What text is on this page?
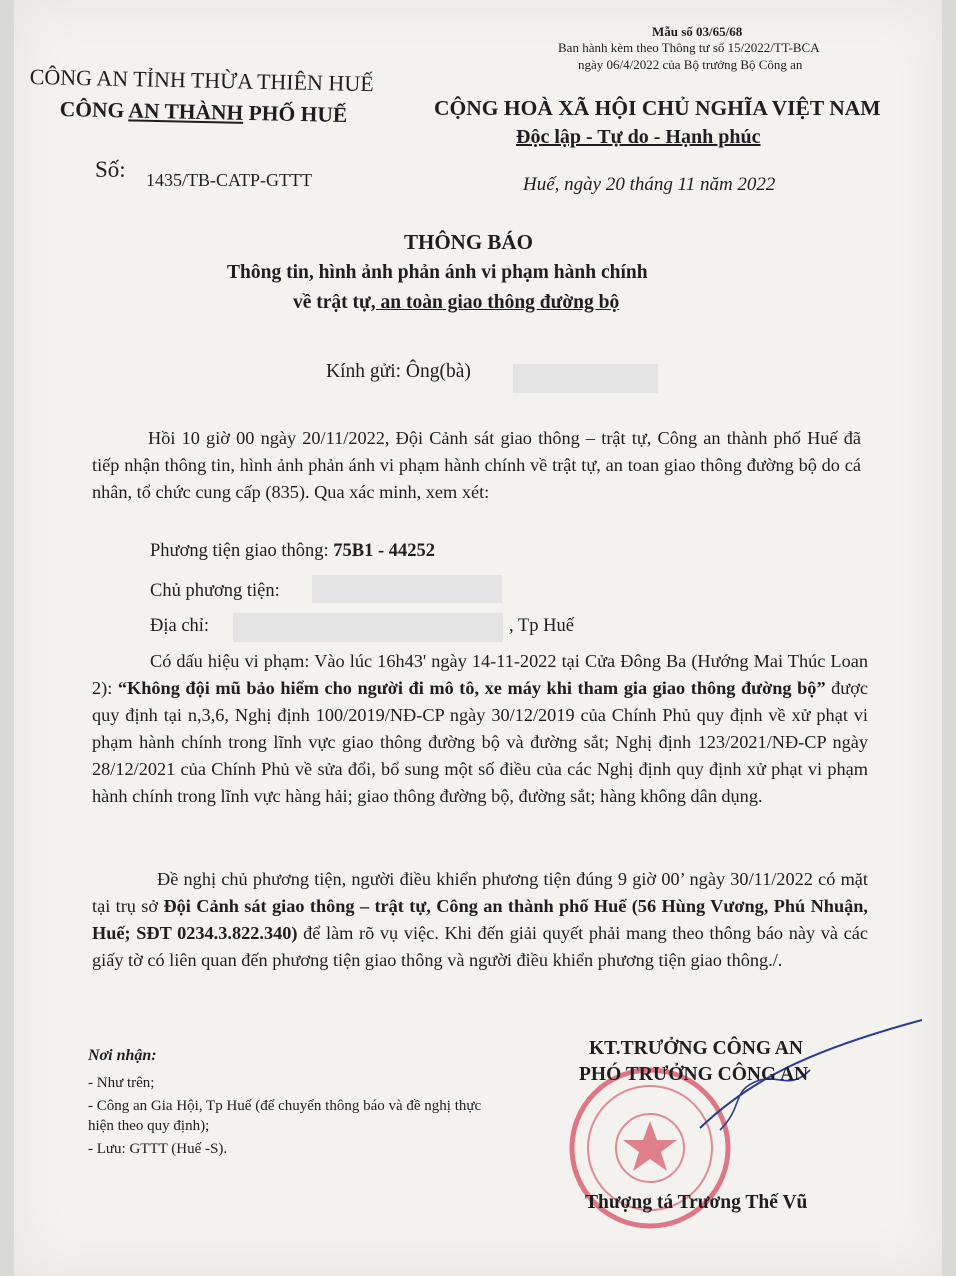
Mẫu số 03/65/68
Ban hành kèm theo Thông tư số 15/2022/TT-BCA
ngày 06/4/2022 của Bộ trưởng Bộ Công an
CÔNG AN TỈNH THỪA THIÊN HUẾ
CÔNG AN THÀNH PHỐ HUẾ
Số: 1435/TB-CATP-GTTT
CỘNG HOÀ XÃ HỘI CHỦ NGHĨA VIỆT NAM
Độc lập - Tự do - Hạnh phúc
Huế, ngày 20 tháng 11 năm 2022
THÔNG BÁO
Thông tin, hình ảnh phản ánh vi phạm hành chính
về trật tự, an toàn giao thông đường bộ
Kính gửi: Ông(bà)

Hồi 10 giờ 00 ngày 20/11/2022, Đội Cảnh sát giao thông – trật tự, Công an thành phố Huế đã tiếp nhận thông tin, hình ảnh phản ánh vi phạm hành chính về trật tự, an toan giao thông đường bộ do cá nhân, tổ chức cung cấp (835). Qua xác minh, xem xét:

Phương tiện giao thông: 75B1 - 44252
Chủ phương tiện:
Địa chỉ:	, Tp Huế

Có dấu hiệu vi phạm: Vào lúc 16h43' ngày 14-11-2022 tại Cửa Đông Ba (Hướng Mai Thúc Loan 2): “Không đội mũ bảo hiểm cho người đi mô tô, xe máy khi tham gia giao thông đường bộ” được quy định tại n,3,6, Nghị định 100/2019/NĐ-CP ngày 30/12/2019 của Chính Phủ quy định về xử phạt vi phạm hành chính trong lĩnh vực giao thông đường bộ và đường sắt; Nghị định 123/2021/NĐ-CP ngày 28/12/2021 của Chính Phủ về sửa đổi, bổ sung một số điều của các Nghị định quy định xử phạt vi phạm hành chính trong lĩnh vực hàng hải; giao thông đường bộ, đường sắt; hàng không dân dụng.

Đề nghị chủ phương tiện, người điều khiển phương tiện đúng 9 giờ 00’ ngày 30/11/2022 có mặt tại trụ sở Đội Cảnh sát giao thông – trật tự, Công an thành phố Huế (56 Hùng Vương, Phú Nhuận, Huế; SĐT 0234.3.822.340) để làm rõ vụ việc. Khi đến giải quyết phải mang theo thông báo này và các giấy tờ có liên quan đến phương tiện giao thông và người điều khiển phương tiện giao thông./.

Nơi nhận:
- Như trên;
- Công an Gia Hội, Tp Huế (để chuyển thông báo và đề nghị thực hiện theo quy định);
- Lưu: GTTT (Huế -S).
KT.TRƯỞNG CÔNG AN
PHÓ TRƯỞNG CÔNG AN
Thượng tá Trương Thế Vũ
